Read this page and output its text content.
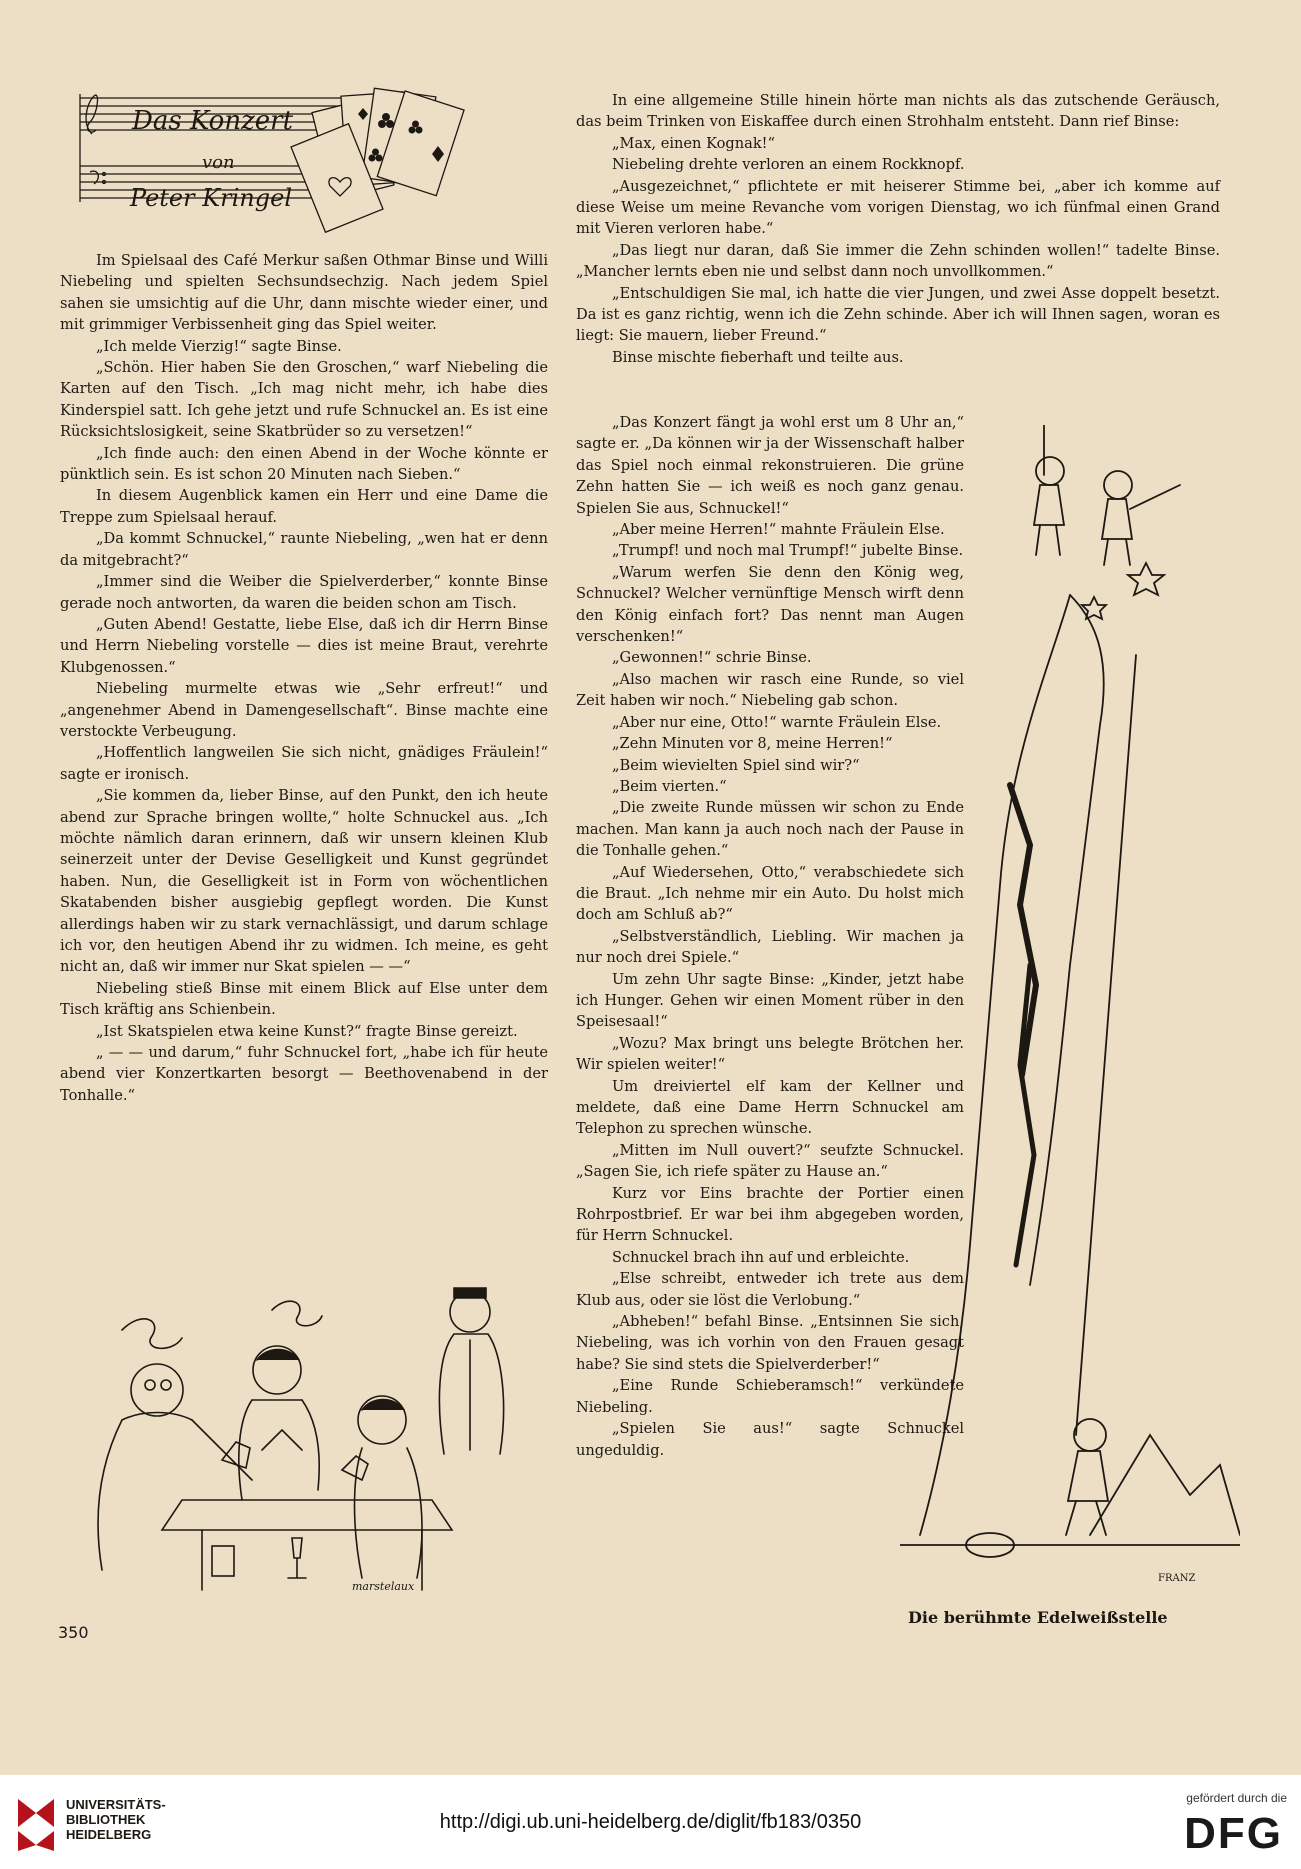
Das Konzert
von
Peter Kringel

Im Spielsaal des Café Merkur saßen Othmar Binse und Willi Niebeling und spielten Sechsundsechzig. Nach jedem Spiel sahen sie umsichtig auf die Uhr, dann mischte wieder einer, und mit grimmiger Verbissenheit ging das Spiel weiter.

„Ich melde Vierzig!“ sagte Binse.

„Schön. Hier haben Sie den Groschen,“ warf Niebeling die Karten auf den Tisch. „Ich mag nicht mehr, ich habe dies Kinderspiel satt. Ich gehe jetzt und rufe Schnuckel an. Es ist eine Rücksichtslosigkeit, seine Skatbrüder so zu versetzen!“

„Ich finde auch: den einen Abend in der Woche könnte er pünktlich sein. Es ist schon 20 Minuten nach Sieben.“

In diesem Augenblick kamen ein Herr und eine Dame die Treppe zum Spielsaal herauf.

„Da kommt Schnuckel,“ raunte Niebeling, „wen hat er denn da mitgebracht?“

„Immer sind die Weiber die Spielverderber,“ konnte Binse gerade noch antworten, da waren die beiden schon am Tisch.

„Guten Abend! Gestatte, liebe Else, daß ich dir Herrn Binse und Herrn Niebeling vorstelle — dies ist meine Braut, verehrte Klubgenossen.“

Niebeling murmelte etwas wie „Sehr erfreut!“ und „angenehmer Abend in Damengesellschaft“. Binse machte eine verstockte Verbeugung.

„Hoffentlich langweilen Sie sich nicht, gnädiges Fräulein!“ sagte er ironisch.

„Sie kommen da, lieber Binse, auf den Punkt, den ich heute abend zur Sprache bringen wollte,“ holte Schnuckel aus. „Ich möchte nämlich daran erinnern, daß wir unsern kleinen Klub seinerzeit unter der Devise Geselligkeit und Kunst gegründet haben. Nun, die Geselligkeit ist in Form von wöchentlichen Skatabenden bisher ausgiebig gepflegt worden. Die Kunst allerdings haben wir zu stark vernachlässigt, und darum schlage ich vor, den heutigen Abend ihr zu widmen. Ich meine, es geht nicht an, daß wir immer nur Skat spielen — —“

Niebeling stieß Binse mit einem Blick auf Else unter dem Tisch kräftig ans Schienbein.

„Ist Skatspielen etwa keine Kunst?“ fragte Binse gereizt.

„ — — und darum,“ fuhr Schnuckel fort, „habe ich für heute abend vier Konzertkarten besorgt — Beethovenabend in der Tonhalle.“

marstelaux

In eine allgemeine Stille hinein hörte man nichts als das zutschende Geräusch, das beim Trinken von Eiskaffee durch einen Strohhalm entsteht. Dann rief Binse:

„Max, einen Kognak!“

Niebeling drehte verloren an einem Rockknopf.

„Ausgezeichnet,“ pflichtete er mit heiserer Stimme bei, „aber ich komme auf diese Weise um meine Revanche vom vorigen Dienstag, wo ich fünfmal einen Grand mit Vieren verloren habe.“

„Das liegt nur daran, daß Sie immer die Zehn schinden wollen!“ tadelte Binse. „Mancher lernts eben nie und selbst dann noch unvollkommen.“

„Entschuldigen Sie mal, ich hatte die vier Jungen, und zwei Asse doppelt besetzt. Da ist es ganz richtig, wenn ich die Zehn schinde. Aber ich will Ihnen sagen, woran es liegt: Sie mauern, lieber Freund.“

Binse mischte fieberhaft und teilte aus.

„Das Konzert fängt ja wohl erst um 8 Uhr an,“ sagte er. „Da können wir ja der Wissenschaft halber das Spiel noch einmal rekonstruieren. Die grüne Zehn hatten Sie — ich weiß es noch ganz genau. Spielen Sie aus, Schnuckel!“

„Aber meine Herren!“ mahnte Fräulein Else.

„Trumpf! und noch mal Trumpf!“ jubelte Binse.

„Warum werfen Sie denn den König weg, Schnuckel? Welcher vernünftige Mensch wirft denn den König einfach fort? Das nennt man Augen verschenken!“

„Gewonnen!“ schrie Binse.

„Also machen wir rasch eine Runde, so viel Zeit haben wir noch.“ Niebeling gab schon.

„Aber nur eine, Otto!“ warnte Fräulein Else.

„Zehn Minuten vor 8, meine Herren!“

„Beim wievielten Spiel sind wir?“

„Beim vierten.“

„Die zweite Runde müssen wir schon zu Ende machen. Man kann ja auch noch nach der Pause in die Tonhalle gehen.“

„Auf Wiedersehen, Otto,“ verabschiedete sich die Braut. „Ich nehme mir ein Auto. Du holst mich doch am Schluß ab?“

„Selbstverständlich, Liebling. Wir machen ja nur noch drei Spiele.“

Um zehn Uhr sagte Binse: „Kinder, jetzt habe ich Hunger. Gehen wir einen Moment rüber in den Speisesaal!“

„Wozu? Max bringt uns belegte Brötchen her. Wir spielen weiter!“

Um dreiviertel elf kam der Kellner und meldete, daß eine Dame Herrn Schnuckel am Telephon zu sprechen wünsche.

„Mitten im Null ouvert?“ seufzte Schnuckel. „Sagen Sie, ich riefe später zu Hause an.“

Kurz vor Eins brachte der Portier einen Rohrpostbrief. Er war bei ihm abgegeben worden, für Herrn Schnuckel.

Schnuckel brach ihn auf und erbleichte.

„Else schreibt, entweder ich trete aus dem Klub aus, oder sie löst die Verlobung.“

„Abheben!“ befahl Binse. „Entsinnen Sie sich, Niebeling, was ich vorhin von den Frauen gesagt habe? Sie sind stets die Spielverderber!“

„Eine Runde Schieberamsch!“ verkündete Niebeling.

„Spielen Sie aus!“ sagte Schnuckel ungeduldig.

FRANZ
Die berühmte Edelweißstelle
350
UNIVERSITÄTS-
BIBLIOTHEK
HEIDELBERG
http://digi.ub.uni-heidelberg.de/diglit/fb183/0350
gefördert durch die
DFG
